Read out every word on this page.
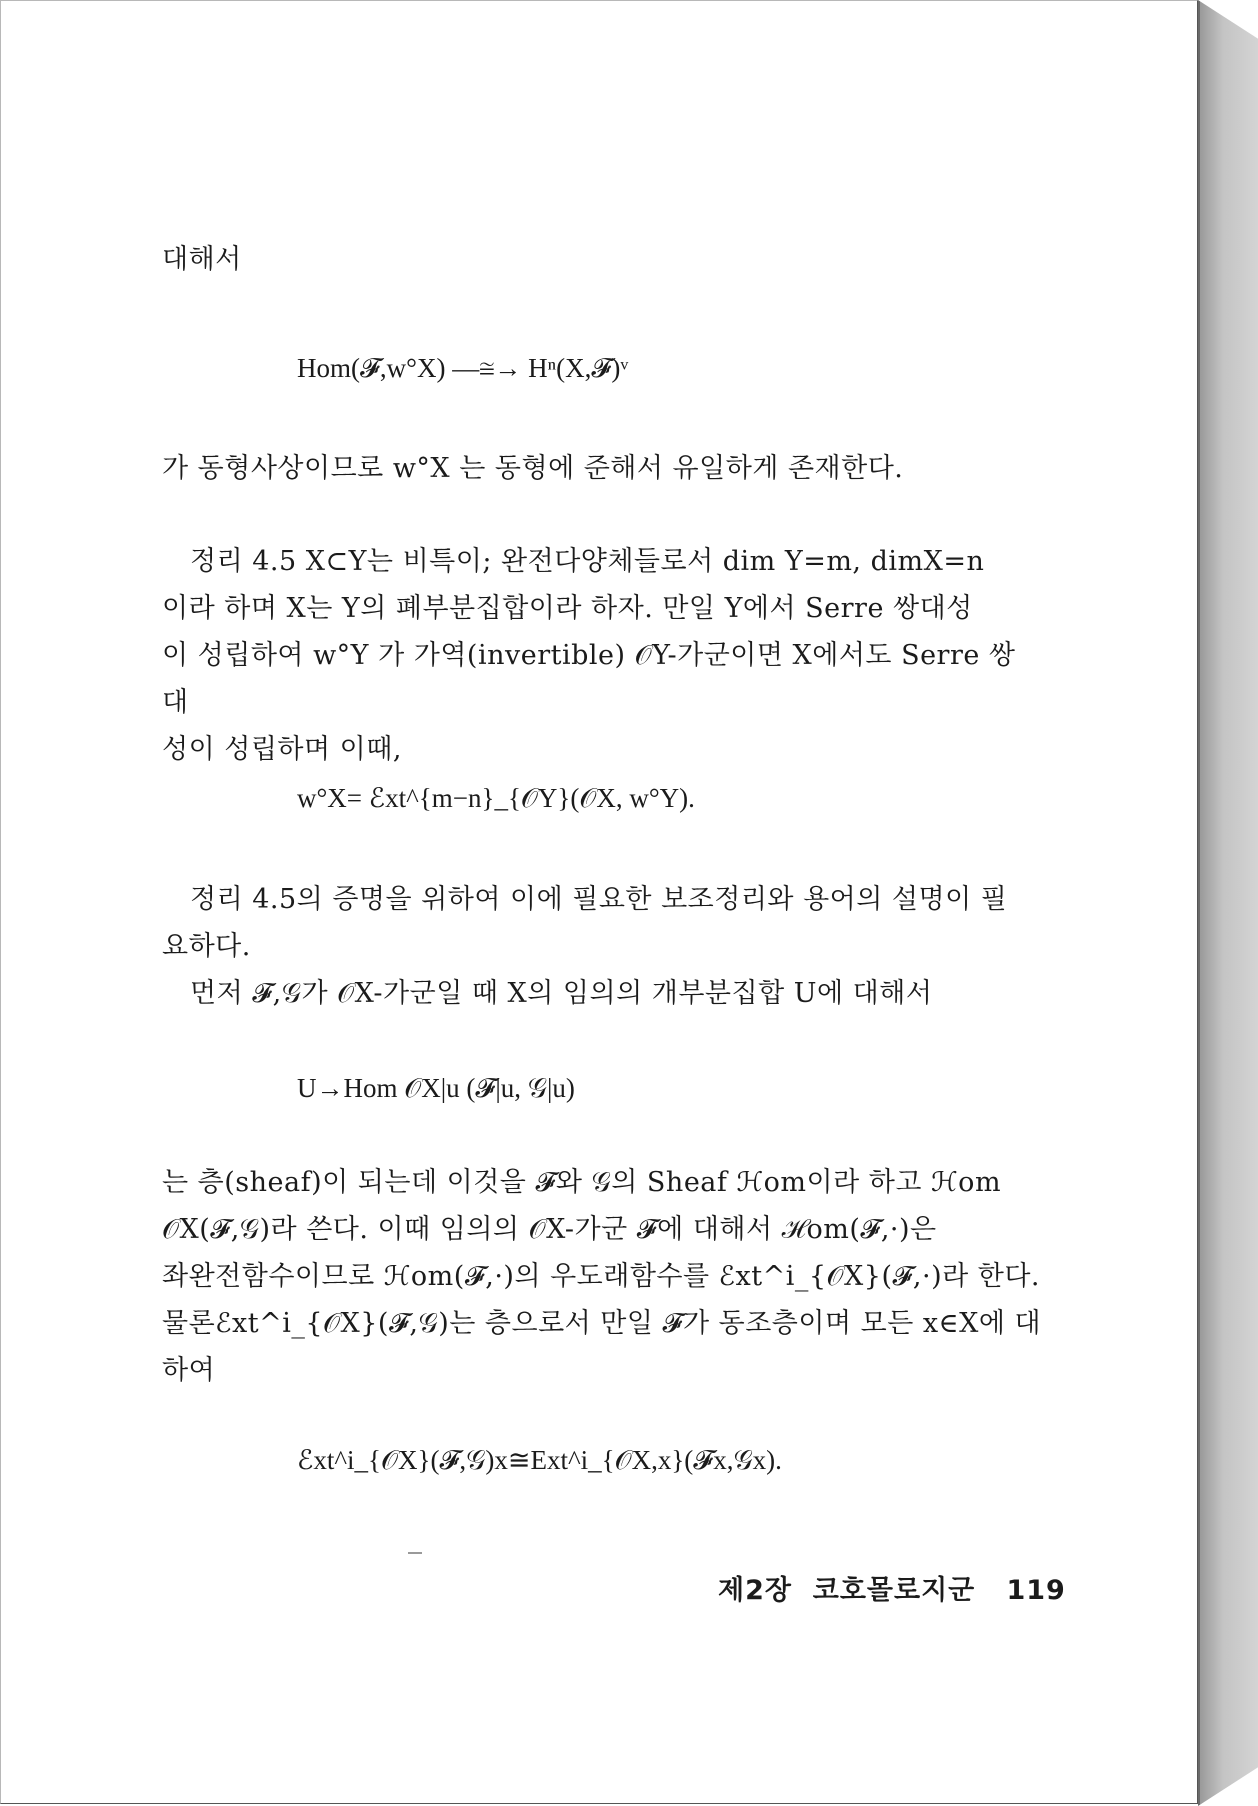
대해서
Hom(𝓕,w°X) —≅→ Hⁿ(X,𝓕)ᵛ
가 동형사상이므로 w°X 는 동형에 준해서 유일하게 존재한다.

정리 4.5 X⊂Y는 비특이; 완전다양체들로서 dim Y=m, dimX=n

이라 하며 X는 Y의 폐부분집합이라 하자. 만일 Y에서 Serre 쌍대성

이 성립하여 w°Y 가 가역(invertible) 𝒪Y-가군이면 X에서도 Serre 쌍대

성이 성립하며 이때,

w°X= ℰxt^{m−n}_{𝒪Y}(𝒪X, w°Y).

정리 4.5의 증명을 위하여 이에 필요한 보조정리와 용어의 설명이 필

요하다.

먼저 𝓕,𝒢가 𝒪X-가군일 때 X의 임의의 개부분집합 U에 대해서

U→Hom 𝒪X|u (𝓕|u, 𝒢|u)

는 층(sheaf)이 되는데 이것을 𝓕와 𝒢의 Sheaf ℋom이라 하고 ℋom

𝒪X(𝓕,𝒢)라 쓴다. 이때 임의의 𝒪X-가군 𝓕에 대해서 ℋom(𝓕,·)은

좌완전함수이므로 ℋom(𝓕,·)의 우도래함수를 ℰxt^i_{𝒪X}(𝓕,·)라 한다.

물론ℰxt^i_{𝒪X}(𝓕,𝒢)는 층으로서 만일 𝓕가 동조층이며 모든 x∈X에 대

하여

ℰxt^i_{𝒪X}(𝓕,𝒢)x≅Ext^i_{𝒪X,x}(𝓕x,𝒢x).
제2장 코호몰로지군 119
